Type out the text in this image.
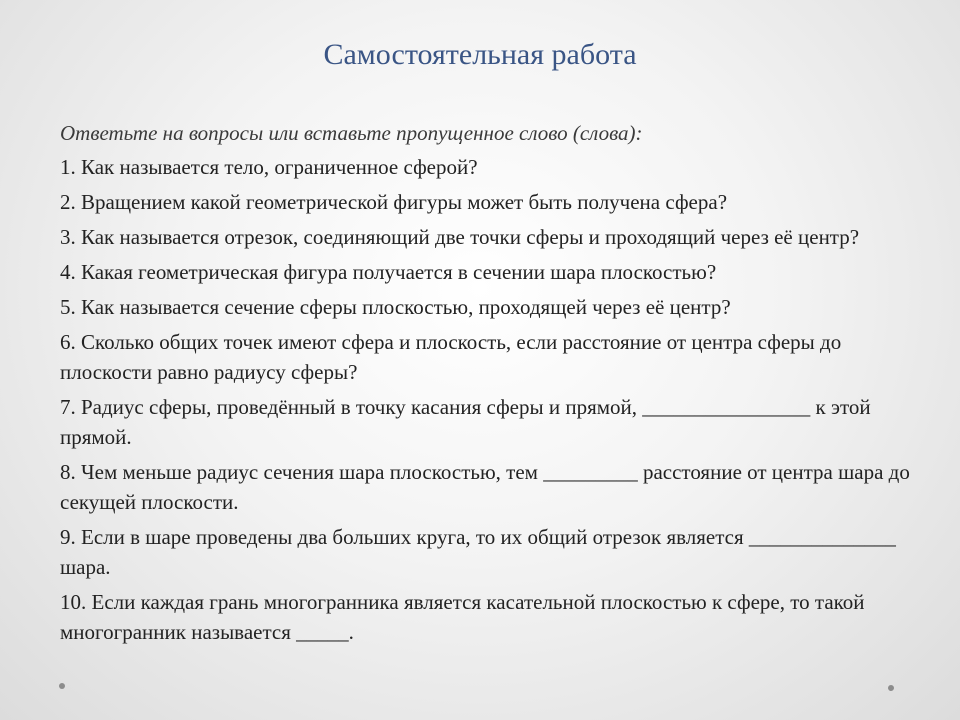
Самостоятельная работа
Ответьте на вопросы или вставьте пропущенное слово (слова):
1. Как называется тело, ограниченное сферой?
2. Вращением какой геометрической фигуры может быть получена сфера?
3. Как называется отрезок, соединяющий две точки сферы и проходящий через её центр?
4. Какая геометрическая фигура получается в сечении шара плоскостью?
5. Как называется сечение сферы плоскостью, проходящей через её центр?
6. Сколько общих точек имеют сфера и плоскость, если расстояние от центра сферы до плоскости равно радиусу сферы?
7. Радиус сферы, проведённый в точку касания сферы и прямой, ________________ к этой прямой.
8. Чем меньше радиус сечения шара плоскостью, тем _________ расстояние от центра шара до секущей плоскости.
9. Если в шаре проведены два больших круга, то их общий отрезок является ______________ шара.
10. Если каждая грань многогранника является касательной плоскостью к сфере, то такой многогранник называется _____.
